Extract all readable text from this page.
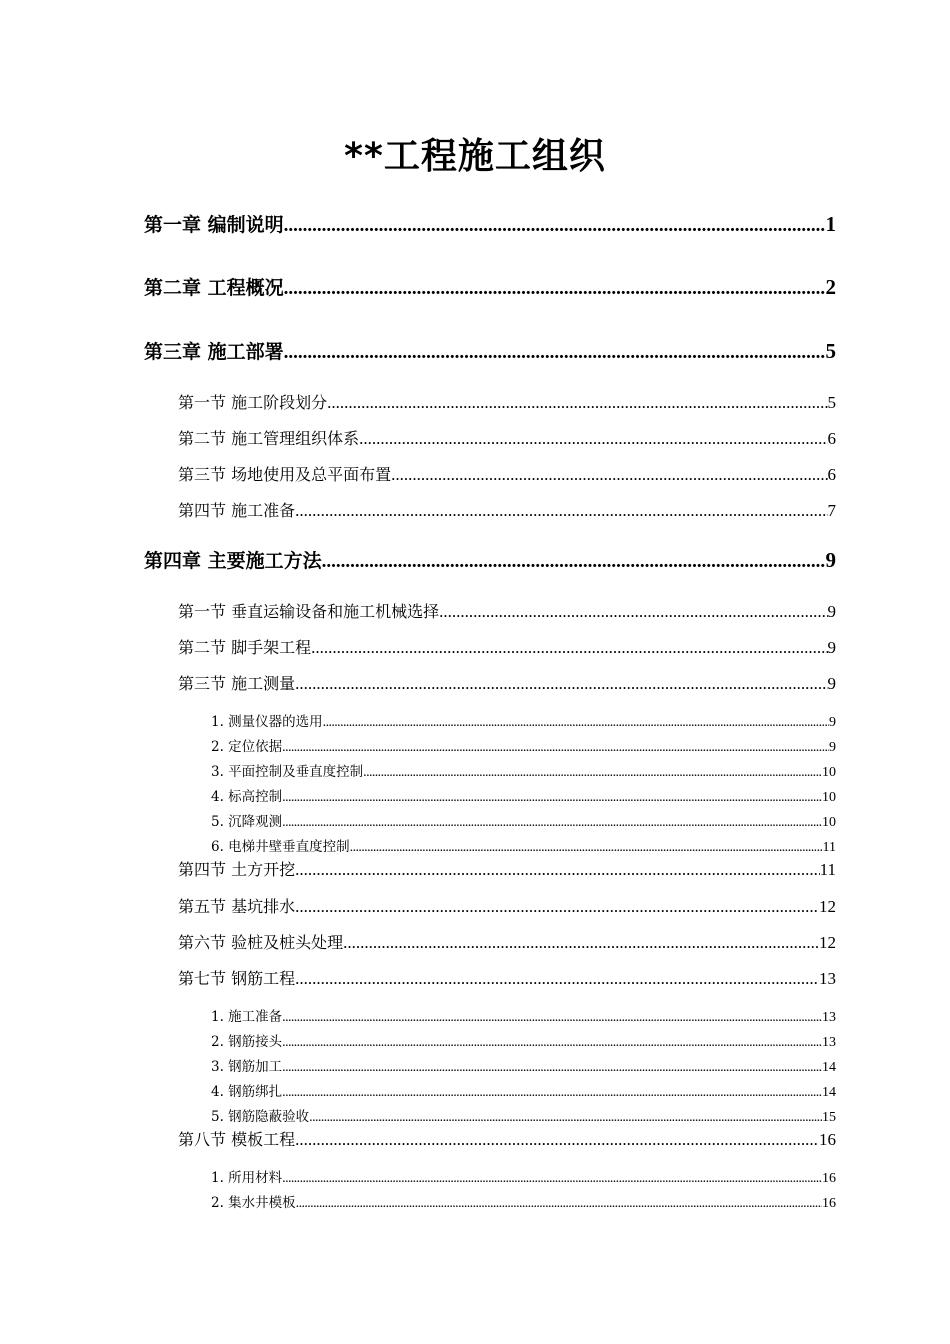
**工程施工组织
第一章 编制说明 .....	1
第二章 工程概况 .....	2
第三章 施工部署 .....	5
第一节 施工阶段划分 .....	5
第二节 施工管理组织体系 .....	6
第三节 场地使用及总平面布置 .....	6
第四节 施工准备 .....	7
第四章 主要施工方法 .....	9
第一节 垂直运输设备和施工机械选择 .....	9
第二节 脚手架工程 .....	9
第三节 施工测量 .....	9
1. 测量仪器的选用 .....	9
2. 定位依据 .....	9
3. 平面控制及垂直度控制 .....	10
4. 标高控制 .....	10
5. 沉降观测 .....	10
6. 电梯井壁垂直度控制 .....	11
第四节 土方开挖 .....	11
第五节 基坑排水 .....	12
第六节 验桩及桩头处理 .....	12
第七节 钢筋工程 .....	13
1. 施工准备 .....	13
2. 钢筋接头 .....	13
3. 钢筋加工 .....	14
4. 钢筋绑扎 .....	14
5. 钢筋隐蔽验收 .....	15
第八节 模板工程 .....	16
1. 所用材料 .....	16
2. 集水井模板 .....	16
